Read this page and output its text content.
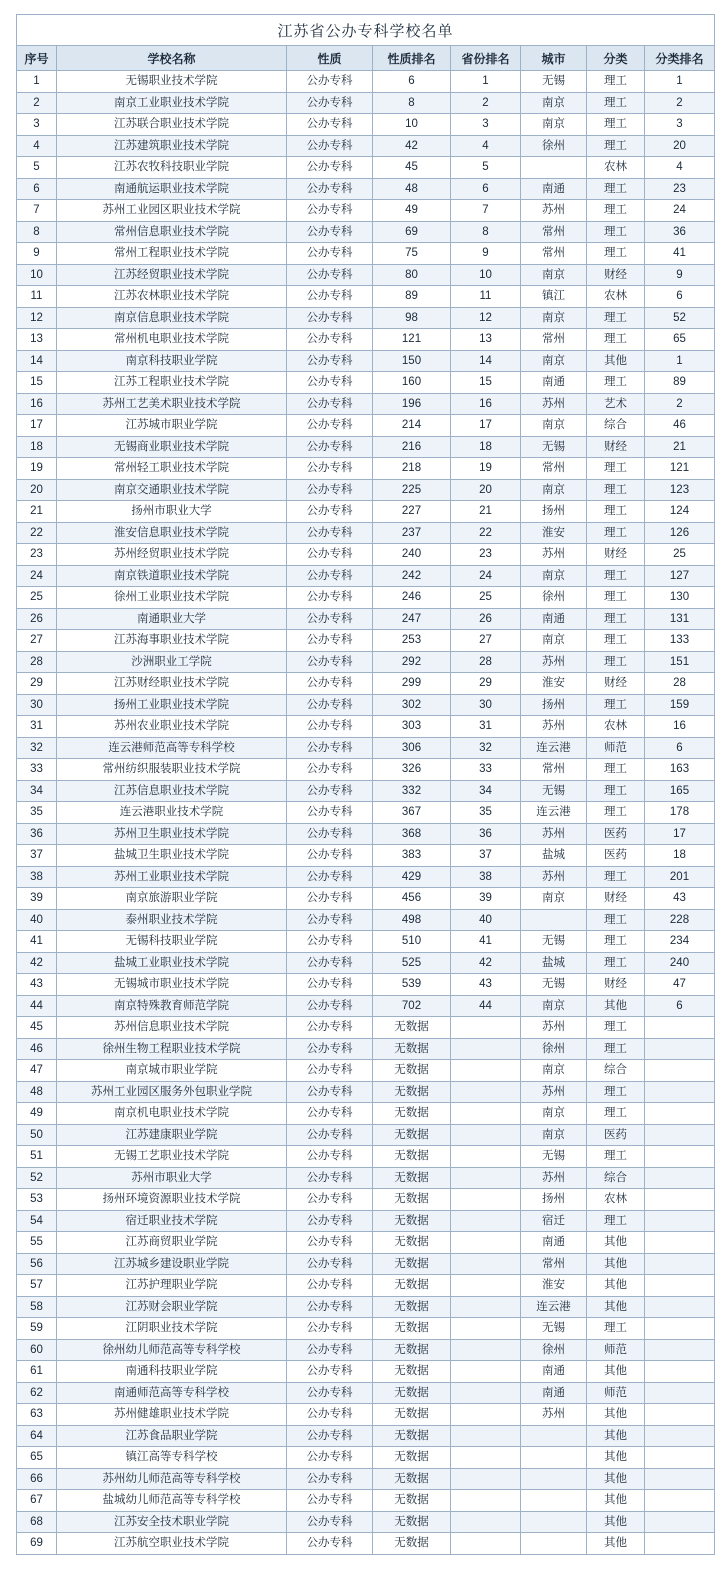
江苏省公办专科学校名单							
序号	学校名称	性质	性质排名	省份排名	城市	分类	分类排名
1	无锡职业技术学院	公办专科	6	1	无锡	理工	1
2	南京工业职业技术学院	公办专科	8	2	南京	理工	2
3	江苏联合职业技术学院	公办专科	10	3	南京	理工	3
4	江苏建筑职业技术学院	公办专科	42	4	徐州	理工	20
5	江苏农牧科技职业学院	公办专科	45	5		农林	4
6	南通航运职业技术学院	公办专科	48	6	南通	理工	23
7	苏州工业园区职业技术学院	公办专科	49	7	苏州	理工	24
8	常州信息职业技术学院	公办专科	69	8	常州	理工	36
9	常州工程职业技术学院	公办专科	75	9	常州	理工	41
10	江苏经贸职业技术学院	公办专科	80	10	南京	财经	9
11	江苏农林职业技术学院	公办专科	89	11	镇江	农林	6
12	南京信息职业技术学院	公办专科	98	12	南京	理工	52
13	常州机电职业技术学院	公办专科	121	13	常州	理工	65
14	南京科技职业学院	公办专科	150	14	南京	其他	1
15	江苏工程职业技术学院	公办专科	160	15	南通	理工	89
16	苏州工艺美术职业技术学院	公办专科	196	16	苏州	艺术	2
17	江苏城市职业学院	公办专科	214	17	南京	综合	46
18	无锡商业职业技术学院	公办专科	216	18	无锡	财经	21
19	常州轻工职业技术学院	公办专科	218	19	常州	理工	121
20	南京交通职业技术学院	公办专科	225	20	南京	理工	123
21	扬州市职业大学	公办专科	227	21	扬州	理工	124
22	淮安信息职业技术学院	公办专科	237	22	淮安	理工	126
23	苏州经贸职业技术学院	公办专科	240	23	苏州	财经	25
24	南京铁道职业技术学院	公办专科	242	24	南京	理工	127
25	徐州工业职业技术学院	公办专科	246	25	徐州	理工	130
26	南通职业大学	公办专科	247	26	南通	理工	131
27	江苏海事职业技术学院	公办专科	253	27	南京	理工	133
28	沙洲职业工学院	公办专科	292	28	苏州	理工	151
29	江苏财经职业技术学院	公办专科	299	29	淮安	财经	28
30	扬州工业职业技术学院	公办专科	302	30	扬州	理工	159
31	苏州农业职业技术学院	公办专科	303	31	苏州	农林	16
32	连云港师范高等专科学校	公办专科	306	32	连云港	师范	6
33	常州纺织服装职业技术学院	公办专科	326	33	常州	理工	163
34	江苏信息职业技术学院	公办专科	332	34	无锡	理工	165
35	连云港职业技术学院	公办专科	367	35	连云港	理工	178
36	苏州卫生职业技术学院	公办专科	368	36	苏州	医药	17
37	盐城卫生职业技术学院	公办专科	383	37	盐城	医药	18
38	苏州工业职业技术学院	公办专科	429	38	苏州	理工	201
39	南京旅游职业学院	公办专科	456	39	南京	财经	43
40	泰州职业技术学院	公办专科	498	40		理工	228
41	无锡科技职业学院	公办专科	510	41	无锡	理工	234
42	盐城工业职业技术学院	公办专科	525	42	盐城	理工	240
43	无锡城市职业技术学院	公办专科	539	43	无锡	财经	47
44	南京特殊教育师范学院	公办专科	702	44	南京	其他	6
45	苏州信息职业技术学院	公办专科	无数据		苏州	理工	
46	徐州生物工程职业技术学院	公办专科	无数据		徐州	理工	
47	南京城市职业学院	公办专科	无数据		南京	综合	
48	苏州工业园区服务外包职业学院	公办专科	无数据		苏州	理工	
49	南京机电职业技术学院	公办专科	无数据		南京	理工	
50	江苏建康职业学院	公办专科	无数据		南京	医药	
51	无锡工艺职业技术学院	公办专科	无数据		无锡	理工	
52	苏州市职业大学	公办专科	无数据		苏州	综合	
53	扬州环境资源职业技术学院	公办专科	无数据		扬州	农林	
54	宿迁职业技术学院	公办专科	无数据		宿迁	理工	
55	江苏商贸职业学院	公办专科	无数据		南通	其他	
56	江苏城乡建设职业学院	公办专科	无数据		常州	其他	
57	江苏护理职业学院	公办专科	无数据		淮安	其他	
58	江苏财会职业学院	公办专科	无数据		连云港	其他	
59	江阴职业技术学院	公办专科	无数据		无锡	理工	
60	徐州幼儿师范高等专科学校	公办专科	无数据		徐州	师范	
61	南通科技职业学院	公办专科	无数据		南通	其他	
62	南通师范高等专科学校	公办专科	无数据		南通	师范	
63	苏州健雄职业技术学院	公办专科	无数据		苏州	其他	
64	江苏食品职业学院	公办专科	无数据			其他	
65	镇江高等专科学校	公办专科	无数据			其他	
66	苏州幼儿师范高等专科学校	公办专科	无数据			其他	
67	盐城幼儿师范高等专科学校	公办专科	无数据			其他	
68	江苏安全技术职业学院	公办专科	无数据			其他	
69	江苏航空职业技术学院	公办专科	无数据			其他	
